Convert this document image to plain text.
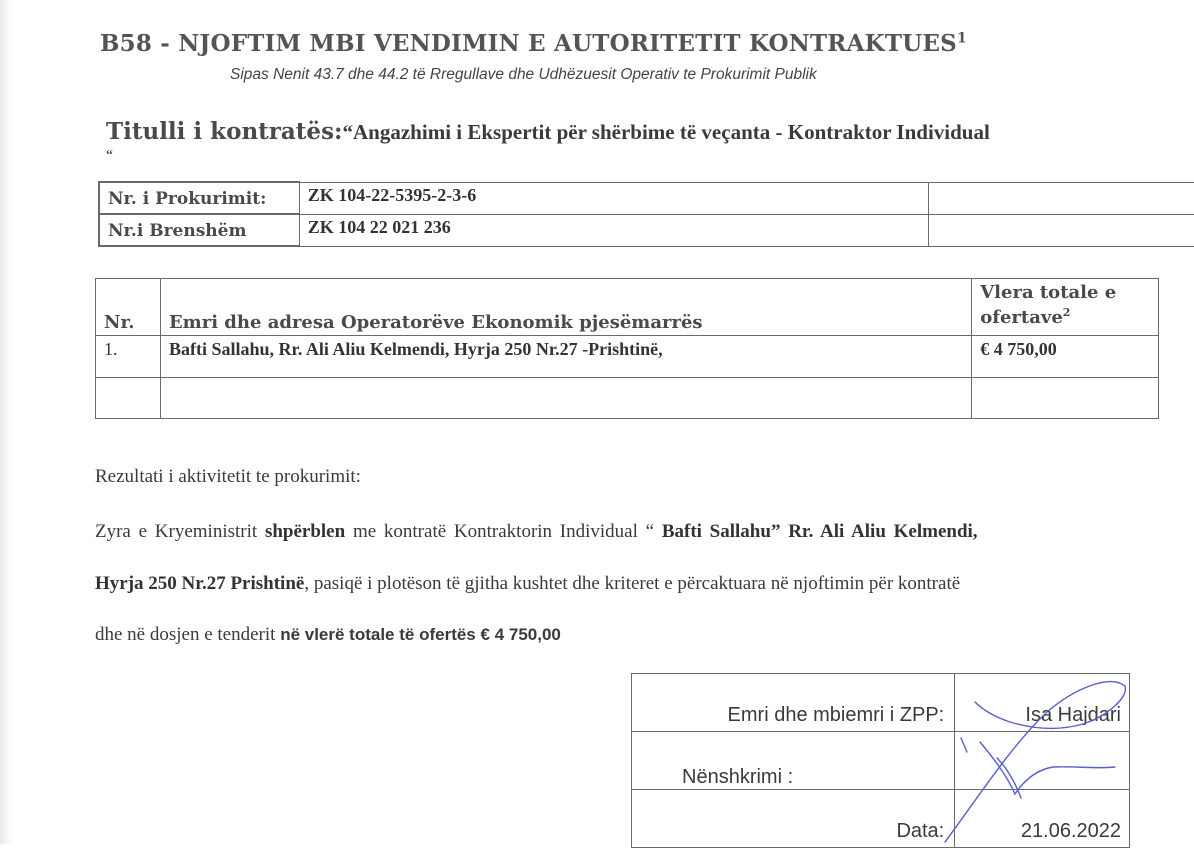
B58 - NJOFTIM MBI VENDIMIN E AUTORITETIT KONTRAKTUES$^1$
Sipas Nenit 43.7 dhe 44.2 të Rregullave dhe Udhëzuesit Operativ te Prokurimit Publik
Titulli i kontratës:“Angazhimi i Ekspertit për shërbime të veçanta - Kontraktor Individual
“
Nr. i Prokurimit:	ZK 104-22-5395-2-3-6	
Nr.i Brenshëm	ZK 104 22 021 236	
Nr.	Emri dhe adresa Operatorëve Ekonomik pjesëmarrës	Vlera totale e ofertave$^2$
1.	Bafti Sallahu, Rr. Ali Aliu Kelmendi, Hyrja 250 Nr.27 -Prishtinë,	€ 4 750,00

Rezultati i aktivitetit te prokurimit:
Zyra e Kryeministrit shpërblen me kontratë Kontraktorin Individual “ Bafti Sallahu” Rr. Ali Aliu Kelmendi,
Hyrja 250 Nr.27 Prishtinë, pasiqë i plotëson të gjitha kushtet dhe kriteret e përcaktuara në njoftimin për kontratë
dhe në dosjen e tenderit në vlerë totale të ofertës € 4 750,00
Emri dhe mbiemri i ZPP:	Isa Hajdari
Nënshkrimi :	
Data:	21.06.2022
